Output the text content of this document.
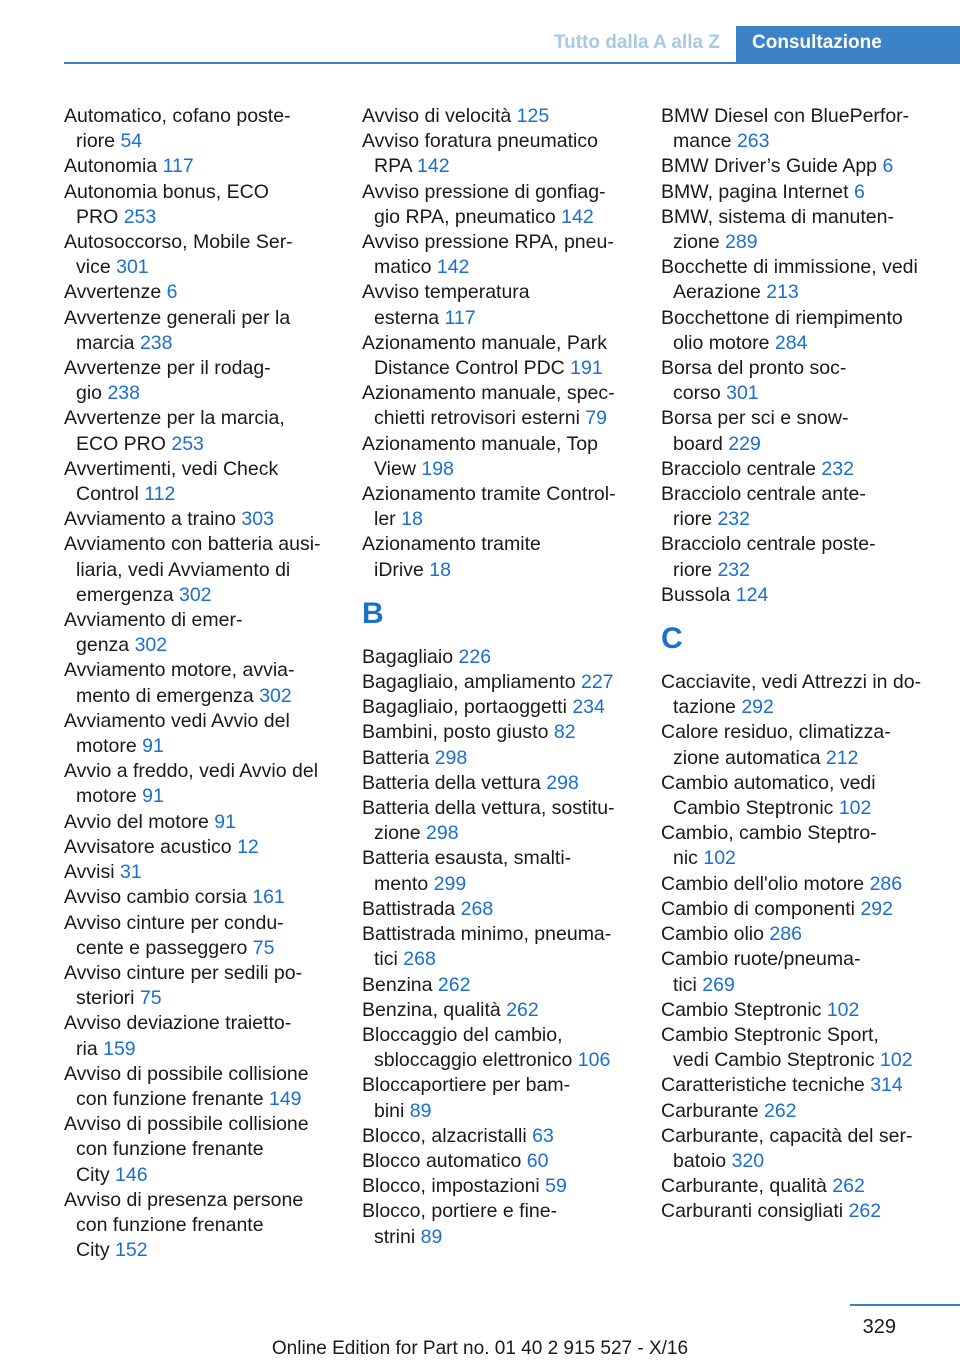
Tutto dalla A alla Z	Consultazione
Automatico, cofano poste-
riore 54
Autonomia 117
Autonomia bonus, ECO
PRO 253
Autosoccorso, Mobile Ser-
vice 301
Avvertenze 6
Avvertenze generali per la
marcia 238
Avvertenze per il rodag-
gio 238
Avvertenze per la marcia,
ECO PRO 253
Avvertimenti, vedi Check
Control 112
Avviamento a traino 303
Avviamento con batteria ausi-
liaria, vedi Avviamento di
emergenza 302
Avviamento di emer-
genza 302
Avviamento motore, avvia-
mento di emergenza 302
Avviamento vedi Avvio del
motore 91
Avvio a freddo, vedi Avvio del
motore 91
Avvio del motore 91
Avvisatore acustico 12
Avvisi 31
Avviso cambio corsia 161
Avviso cinture per condu-
cente e passeggero 75
Avviso cinture per sedili po-
steriori 75
Avviso deviazione traietto-
ria 159
Avviso di possibile collisione
con funzione frenante 149
Avviso di possibile collisione
con funzione frenante
City 146
Avviso di presenza persone
con funzione frenante
City 152
Avviso di velocità 125
Avviso foratura pneumatico
RPA 142
Avviso pressione di gonfiag-
gio RPA, pneumatico 142
Avviso pressione RPA, pneu-
matico 142
Avviso temperatura
esterna 117
Azionamento manuale, Park
Distance Control PDC 191
Azionamento manuale, spec-
chietti retrovisori esterni 79
Azionamento manuale, Top
View 198
Azionamento tramite Control-
ler 18
Azionamento tramite
iDrive 18
B
Bagagliaio 226
Bagagliaio, ampliamento 227
Bagagliaio, portaoggetti 234
Bambini, posto giusto 82
Batteria 298
Batteria della vettura 298
Batteria della vettura, sostitu-
zione 298
Batteria esausta, smalti-
mento 299
Battistrada 268
Battistrada minimo, pneuma-
tici 268
Benzina 262
Benzina, qualità 262
Bloccaggio del cambio,
sbloccaggio elettronico 106
Bloccaportiere per bam-
bini 89
Blocco, alzacristalli 63
Blocco automatico 60
Blocco, impostazioni 59
Blocco, portiere e fine-
strini 89
BMW Diesel con BluePerfor-
mance 263
BMW Driver’s Guide App 6
BMW, pagina Internet 6
BMW, sistema di manuten-
zione 289
Bocchette di immissione, vedi
Aerazione 213
Bocchettone di riempimento
olio motore 284
Borsa del pronto soc-
corso 301
Borsa per sci e snow-
board 229
Bracciolo centrale 232
Bracciolo centrale ante-
riore 232
Bracciolo centrale poste-
riore 232
Bussola 124
C
Cacciavite, vedi Attrezzi in do-
tazione 292
Calore residuo, climatizza-
zione automatica 212
Cambio automatico, vedi
Cambio Steptronic 102
Cambio, cambio Steptro-
nic 102
Cambio dell'olio motore 286
Cambio di componenti 292
Cambio olio 286
Cambio ruote/pneuma-
tici 269
Cambio Steptronic 102
Cambio Steptronic Sport,
vedi Cambio Steptronic 102
Caratteristiche tecniche 314
Carburante 262
Carburante, capacità del ser-
batoio 320
Carburante, qualità 262
Carburanti consigliati 262
329
Online Edition for Part no. 01 40 2 915 527 - X/16
